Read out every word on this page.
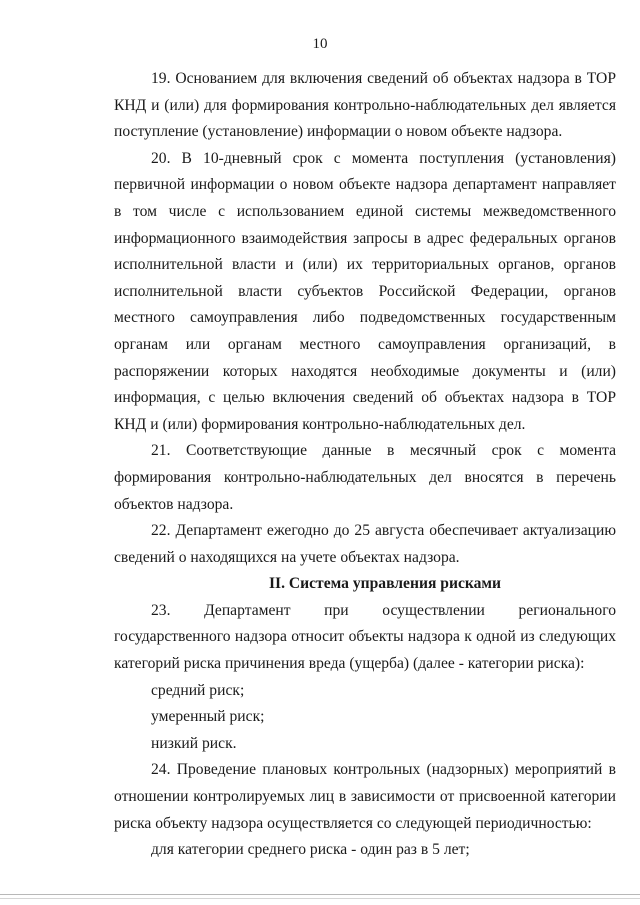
10

19. Основанием для включения сведений об объектах надзора в ТОР КНД и (или) для формирования контрольно-наблюдательных дел является поступление (установление) информации о новом объекте надзора.

20. В 10-дневный срок с момента поступления (установления) первичной информации о новом объекте надзора департамент направляет в том числе с использованием единой системы межведомственного информационного взаимодействия запросы в адрес федеральных органов исполнительной власти и (или) их территориальных органов, органов исполнительной власти субъектов Российской Федерации, органов местного самоуправления либо подведомственных государственным органам или органам местного самоуправления организаций, в распоряжении которых находятся необходимые документы и (или) информация, с целью включения сведений об объектах надзора в ТОР КНД и (или) формирования контрольно-наблюдательных дел.

21. Соответствующие данные в месячный срок с момента формирования контрольно-наблюдательных дел вносятся в перечень объектов надзора.

22. Департамент ежегодно до 25 августа обеспечивает актуализацию сведений о находящихся на учете объектах надзора.

II. Система управления рисками

23. Департамент при осуществлении регионального государственного надзора относит объекты надзора к одной из следующих категорий риска причинения вреда (ущерба) (далее - категории риска):

средний риск;

умеренный риск;

низкий риск.

24. Проведение плановых контрольных (надзорных) мероприятий в отношении контролируемых лиц в зависимости от присвоенной категории риска объекту надзора осуществляется со следующей периодичностью:

для категории среднего риска - один раз в 5 лет;
